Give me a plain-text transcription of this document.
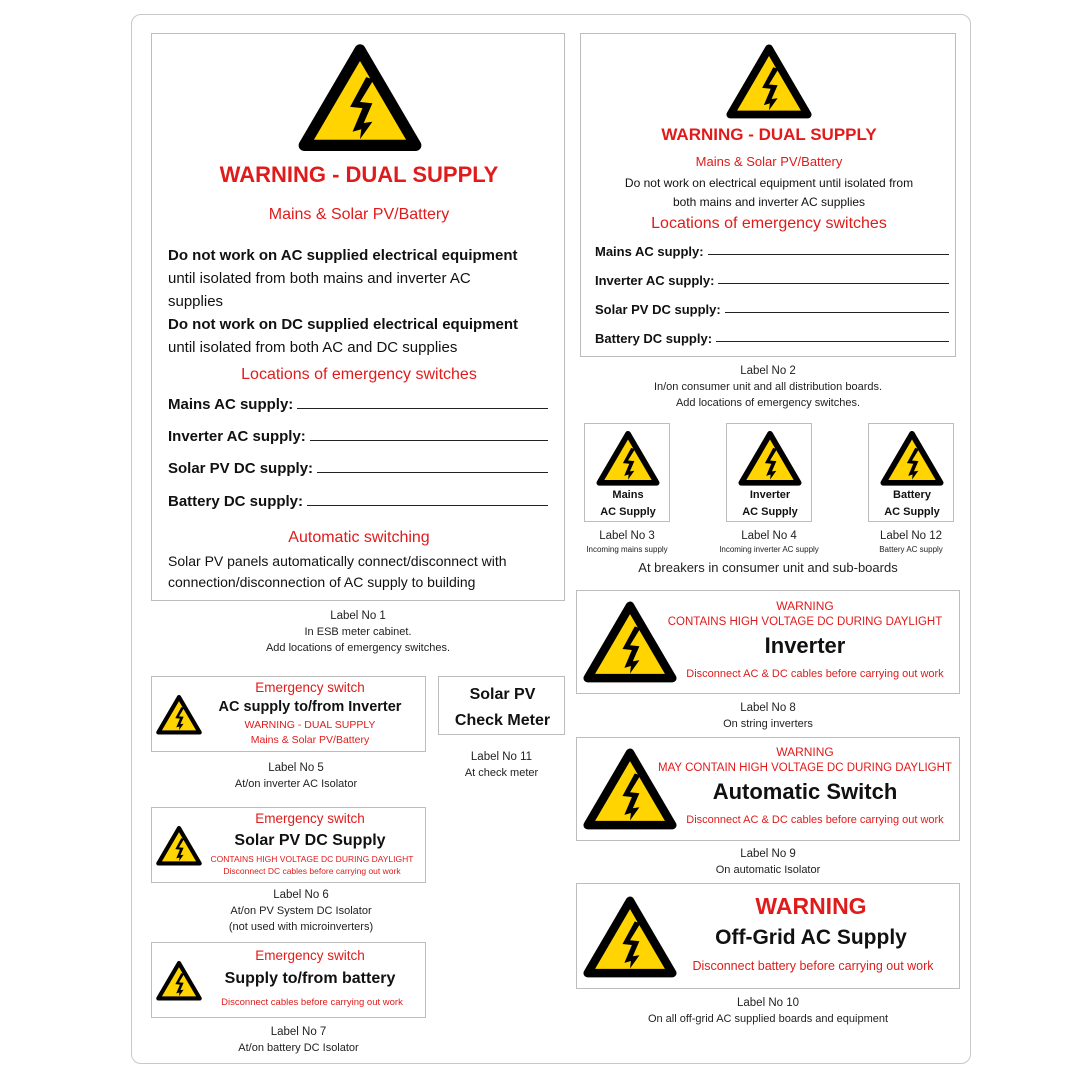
WARNING - DUAL SUPPLY
Mains & Solar PV/Battery
Do not work on AC supplied electrical equipment
until isolated from both mains and inverter AC
supplies
Do not work on DC supplied electrical equipment
until isolated from both AC and DC supplies
Locations of emergency switches
Mains AC supply:
Inverter AC supply:
Solar PV DC supply:
Battery DC supply:
Automatic switching
Solar PV panels automatically connect/disconnect with
connection/disconnection of AC supply to building
Label No 1
In ESB meter cabinet.
Add locations of emergency switches.
WARNING - DUAL SUPPLY
Mains & Solar PV/Battery
Do not work on electrical equipment until isolated from
both mains and inverter AC supplies
Locations of emergency switches
Mains AC supply:
Inverter AC supply:
Solar PV DC supply:
Battery DC supply:
Label No 2
In/on consumer unit and all distribution boards.
Add locations of emergency switches.
Mains
AC Supply
Label No 3
Incoming mains supply
Inverter
AC Supply
Label No 4
Incoming inverter AC supply
Battery
AC Supply
Label No 12
Battery AC supply
At breakers in consumer unit and sub-boards
WARNING
CONTAINS HIGH VOLTAGE DC DURING DAYLIGHT
Inverter
Disconnect AC & DC cables before carrying out work
Label No 8
On string inverters
WARNING
MAY CONTAIN HIGH VOLTAGE DC DURING DAYLIGHT
Automatic Switch
Disconnect AC & DC cables before carrying out work
Label No 9
On automatic Isolator
WARNING
Off-Grid AC Supply
Disconnect battery before carrying out work
Label No 10
On all off-grid AC supplied boards and equipment
Emergency switch
AC supply to/from Inverter
WARNING - DUAL SUPPLY
Mains & Solar PV/Battery
Label No 5
At/on inverter AC Isolator
Solar PV
Check Meter
Label No 11
At check meter
Emergency switch
Solar PV DC Supply
CONTAINS HIGH VOLTAGE DC DURING DAYLIGHT
Disconnect DC cables before carrying out work
Label No 6
At/on PV System DC Isolator
(not used with microinverters)
Emergency switch
Supply to/from battery
Disconnect cables before carrying out work
Label No 7
At/on battery DC Isolator
